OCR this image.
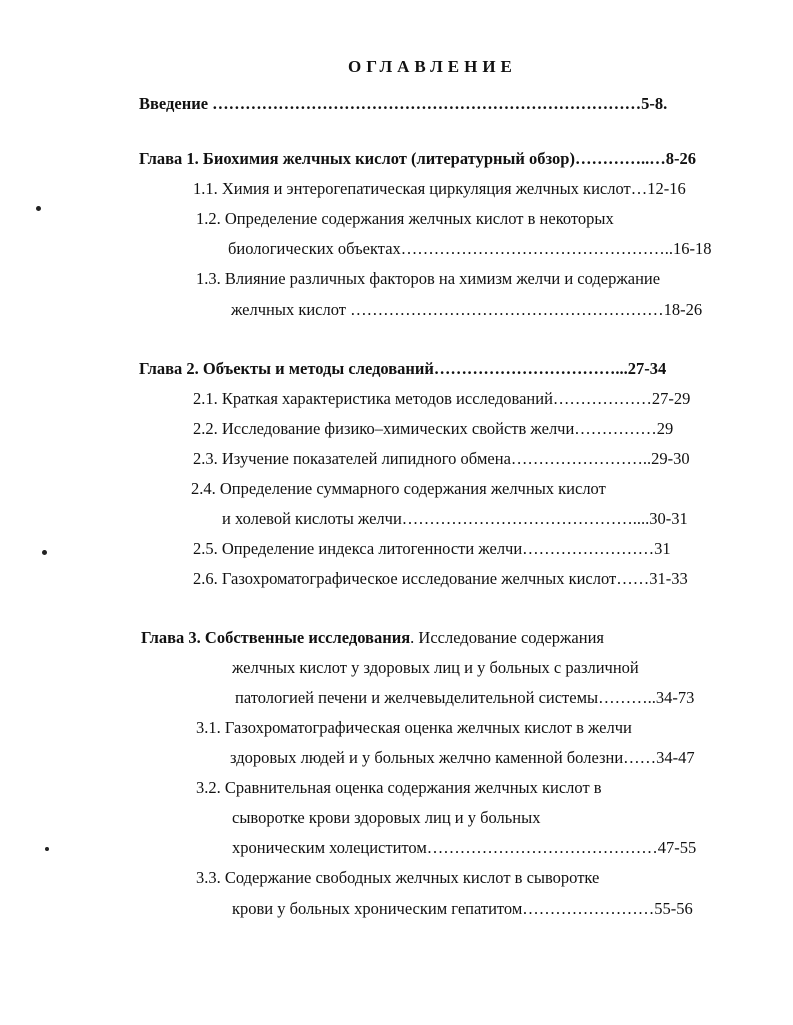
ОГЛАВЛЕНИЕ
Введение ……………………………………………………………………5-8.
Глава 1. Биохимия желчных кислот (литературный обзор)…………..…8-26
1.1. Химия и энтерогепатическая циркуляция желчных кислот…12-16
1.2. Определение содержания желчных кислот в некоторых
биологических объектах…………………………………………..16-18
1.3. Влияние различных факторов на химизм желчи и содержание
желчных кислот …………………………………………………18-26
Глава 2. Объекты и методы следований……………………………...27-34
2.1. Краткая характеристика методов исследований………………27-29
2.2. Исследование физико–химических свойств желчи……………29
2.3. Изучение показателей липидного обмена……………………..29-30
2.4. Определение суммарного содержания желчных кислот
и холевой кислоты желчи……………………………………....30-31
2.5. Определение индекса литогенности желчи……………………31
2.6. Газохроматографическое исследование желчных кислот……31-33
Глава 3. Собственные исследования. Исследование содержания
желчных кислот у здоровых лиц и у больных с различной
патологией печени и желчевыделительной системы………..34-73
3.1. Газохроматографическая оценка желчных кислот в желчи
здоровых людей и у больных желчно каменной болезни……34-47
3.2. Сравнительная оценка содержания желчных кислот в
сыворотке крови здоровых лиц и у больных
хроническим холециститом……………………………………47-55
3.3. Содержание свободных желчных кислот в сыворотке
крови у больных хроническим гепатитом……………………55-56
